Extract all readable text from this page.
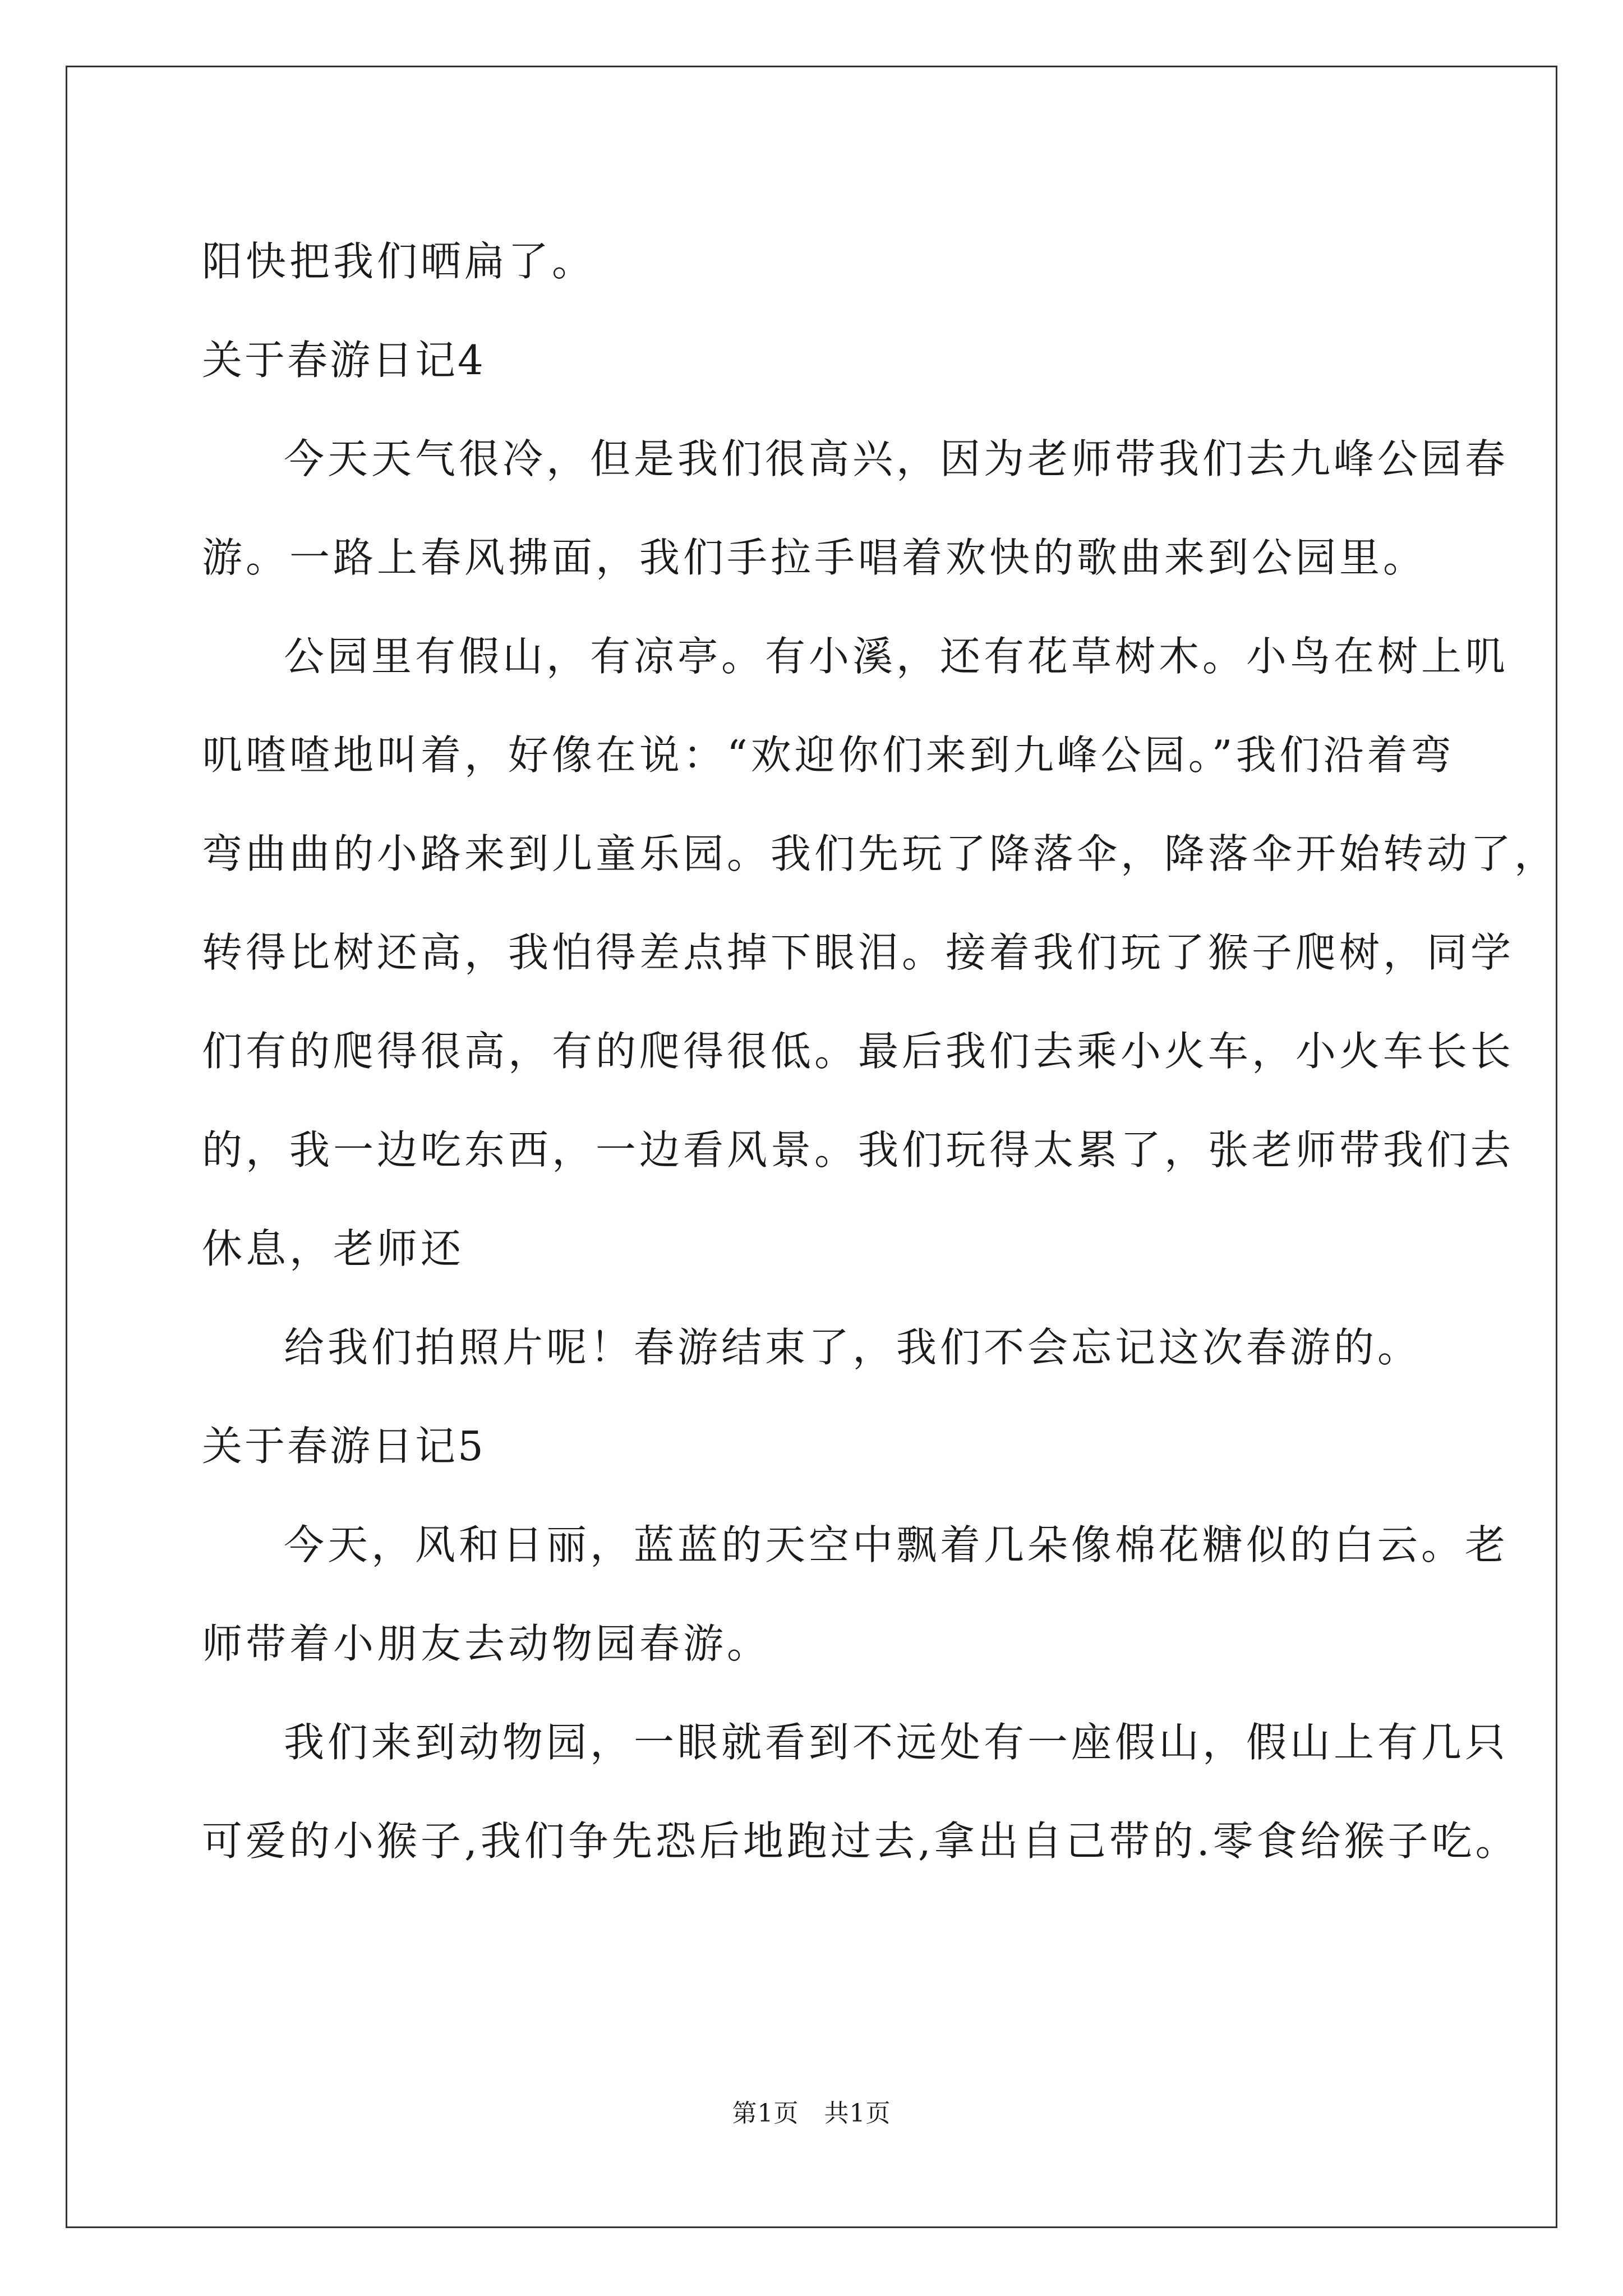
阳快把我们晒扁了。
关于春游日记4
今天天气很冷，但是我们很高兴，因为老师带我们去九峰公园春
游。一路上春风拂面，我们手拉手唱着欢快的歌曲来到公园里。
公园里有假山，有凉亭。有小溪，还有花草树木。小鸟在树上叽
叽喳喳地叫着，好像在说：“欢迎你们来到九峰公园。”我们沿着弯
弯曲曲的小路来到儿童乐园。我们先玩了降落伞，降落伞开始转动了，
转得比树还高，我怕得差点掉下眼泪。接着我们玩了猴子爬树，同学
们有的爬得很高，有的爬得很低。最后我们去乘小火车，小火车长长
的，我一边吃东西，一边看风景。我们玩得太累了，张老师带我们去
休息，老师还
给我们拍照片呢！春游结束了，我们不会忘记这次春游的。
关于春游日记5
今天，风和日丽，蓝蓝的天空中飘着几朵像棉花糖似的白云。老
师带着小朋友去动物园春游。
我们来到动物园，一眼就看到不远处有一座假山，假山上有几只
可爱的小猴子,我们争先恐后地跑过去,拿出自己带的.零食给猴子吃。
第1页　共1页
